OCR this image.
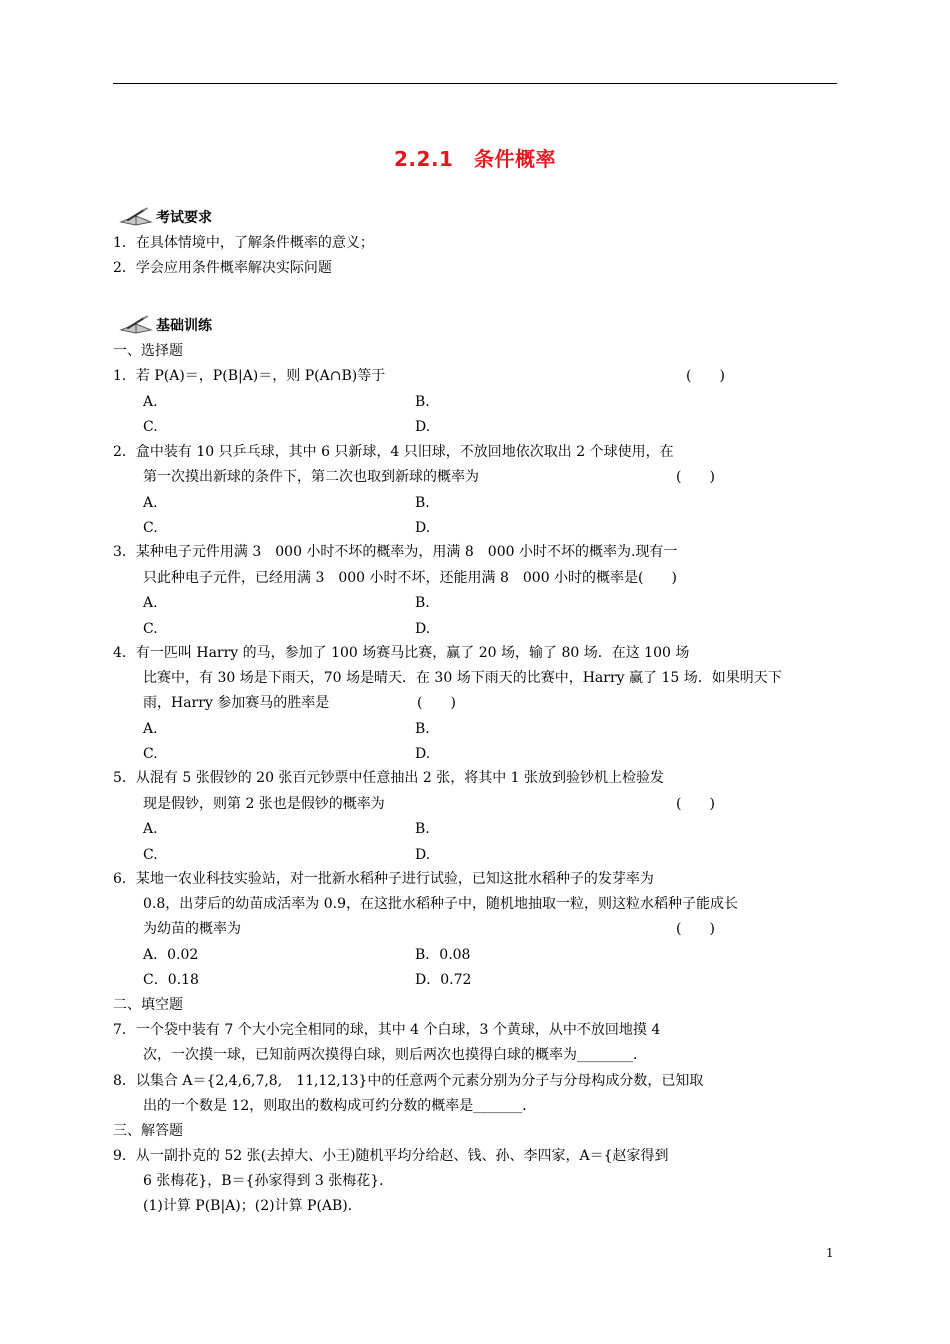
2.2.1　条件概率
考试要求
1．在具体情境中，了解条件概率的意义；
2．学会应用条件概率解决实际问题
基础训练
一、选择题
1．若 P(A)＝，P(B|A)＝，则 P(A∩B)等于	(　　)
A.	B.
C.	D.
2．盒中装有 10 只乒乓球，其中 6 只新球，4 只旧球，不放回地依次取出 2 个球使用，在
第一次摸出新球的条件下，第二次也取到新球的概率为	(　　)
A.	B.
C.	D.
3．某种电子元件用满 3　000 小时不坏的概率为，用满 8　000 小时不坏的概率为.现有一
只此种电子元件，已经用满 3　000 小时不坏，还能用满 8　000 小时的概率是(　　)
A.	B.
C.	D.
4．有一匹叫 Harry 的马，参加了 100 场赛马比赛，赢了 20 场，输了 80 场．在这 100 场
比赛中，有 30 场是下雨天，70 场是晴天．在 30 场下雨天的比赛中，Harry 赢了 15 场．如果明天下
雨，Harry 参加赛马的胜率是	(　　)
A.	B.
C.	D.
5．从混有 5 张假钞的 20 张百元钞票中任意抽出 2 张，将其中 1 张放到验钞机上检验发
现是假钞，则第 2 张也是假钞的概率为	(　　)
A.	B.
C.	D.
6．某地一农业科技实验站，对一批新水稻种子进行试验，已知这批水稻种子的发芽率为
0.8，出芽后的幼苗成活率为 0.9，在这批水稻种子中，随机地抽取一粒，则这粒水稻种子能成长
为幼苗的概率为	(　　)
A．0.02	B．0.08
C．0.18	D．0.72
二、填空题
7．一个袋中装有 7 个大小完全相同的球，其中 4 个白球，3 个黄球，从中不放回地摸 4
次，一次摸一球，已知前两次摸得白球，则后两次也摸得白球的概率为________．
8．以集合 A＝{2,4,6,7,8,　11,12,13}中的任意两个元素分别为分子与分母构成分数，已知取
出的一个数是 12，则取出的数构成可约分数的概率是_______．
三、解答题
9．从一副扑克的 52 张(去掉大、小王)随机平均分给赵、钱、孙、李四家，A＝{赵家得到
6 张梅花}，B＝{孙家得到 3 张梅花}．
(1)计算 P(B|A)；(2)计算 P(AB)．
1
